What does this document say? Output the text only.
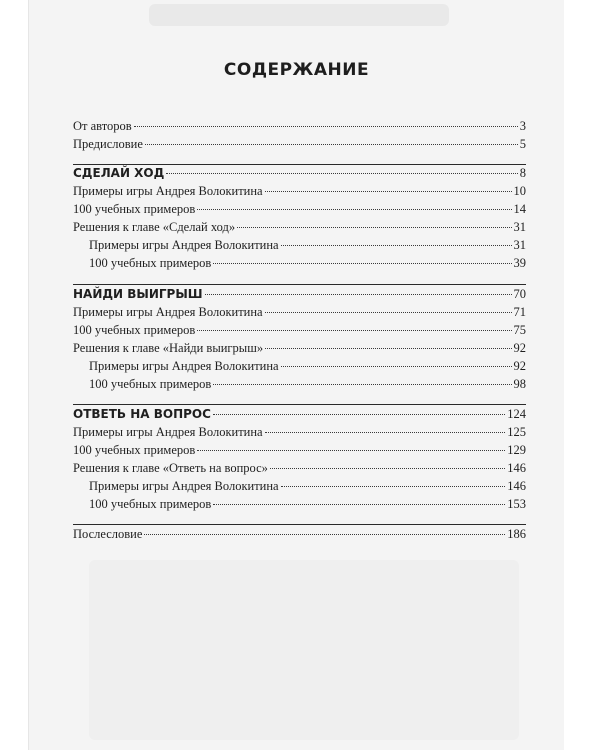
СОДЕРЖАНИЕ
От авторов	3
Предисловие	5
СДЕЛАЙ ХОД	8
Примеры игры Андрея Волокитина	10
100 учебных примеров	14
Решения к главе «Сделай ход»	31
Примеры игры Андрея Волокитина	31
100 учебных примеров	39
НАЙДИ ВЫИГРЫШ	70
Примеры игры Андрея Волокитина	71
100 учебных примеров	75
Решения к главе «Найди выигрыш»	92
Примеры игры Андрея Волокитина	92
100 учебных примеров	98
ОТВЕТЬ НА ВОПРОС	124
Примеры игры Андрея Волокитина	125
100 учебных примеров	129
Решения к главе «Ответь на вопрос»	146
Примеры игры Андрея Волокитина	146
100 учебных примеров	153
Послесловие	186
